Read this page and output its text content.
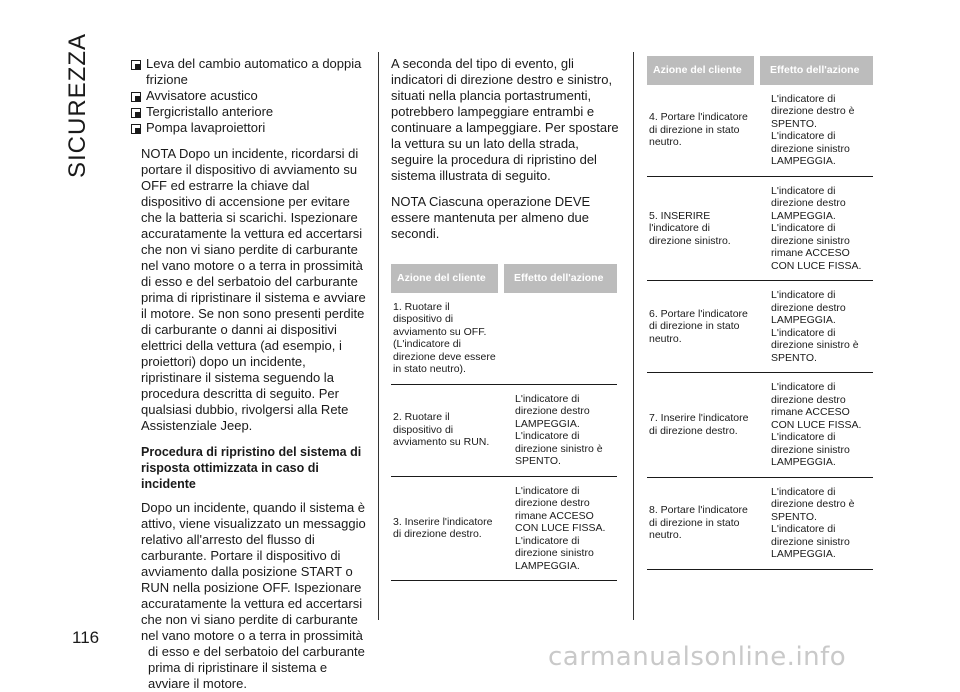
SICUREZZA
116
carmanualsonline.info
Leva del cambio automatico a doppia frizione
Avvisatore acustico
Tergicristallo anteriore
Pompa lavaproiettori

NOTA Dopo un incidente, ricordarsi di portare il dispositivo di avviamento su OFF ed estrarre la chiave dal dispositivo di accensione per evitare che la batteria si scarichi. Ispezionare accuratamente la vettura ed accertarsi che non vi siano perdite di carburante nel vano motore o a terra in prossimità di esso e del serbatoio del carburante prima di ripristinare il sistema e avviare il motore. Se non sono presenti perdite di carburante o danni ai dispositivi elettrici della vettura (ad esempio, i proiettori) dopo un incidente, ripristinare il sistema seguendo la procedura descritta di seguito. Per qualsiasi dubbio, rivolgersi alla Rete Assistenziale Jeep.

Procedura di ripristino del sistema di risposta ottimizzata in caso di incidente

Dopo un incidente, quando il sistema è attivo, viene visualizzato un messaggio relativo all'arresto del flusso di carburante. Portare il dispositivo di avviamento dalla posizione START o RUN nella posizione OFF. Ispezionare accuratamente la vettura ed accertarsi che non vi siano perdite di carburante nel vano motore o a terra in prossimità

di esso e del serbatoio del carburante prima di ripristinare il sistema e avviare il motore.

A seconda del tipo di evento, gli indicatori di direzione destro e sinistro, situati nella plancia portastrumenti, potrebbero lampeggiare entrambi e continuare a lampeggiare. Per spostare la vettura su un lato della strada, seguire la procedura di ripristino del sistema illustrata di seguito.

NOTA Ciascuna operazione DEVE essere mantenuta per almeno due secondi.

Azione del cliente	Effetto dell'azione
1. Ruotare il dispositivo di avviamento su OFF. (L'indicatore di direzione deve essere in stato neutro).	
2. Ruotare il dispositivo di avviamento su RUN.	L'indicatore di direzione destro LAMPEGGIA. L'indicatore di direzione sinistro è SPENTO.
3. Inserire l'indicatore di direzione destro.	L'indicatore di direzione destro rimane ACCESO CON LUCE FISSA. L'indicatore di direzione sinistro LAMPEGGIA.
Azione del cliente	Effetto dell'azione
4. Portare l'indicatore di direzione in stato neutro.	L'indicatore di direzione destro è SPENTO. L'indicatore di direzione sinistro LAMPEGGIA.
5. INSERIRE l'indicatore di direzione sinistro.	L'indicatore di direzione destro LAMPEGGIA. L'indicatore di direzione sinistro rimane ACCESO CON LUCE FISSA.
6. Portare l'indicatore di direzione in stato neutro.	L'indicatore di direzione destro LAMPEGGIA. L'indicatore di direzione sinistro è SPENTO.
7. Inserire l'indicatore di direzione destro.	L'indicatore di direzione destro rimane ACCESO CON LUCE FISSA. L'indicatore di direzione sinistro LAMPEGGIA.
8. Portare l'indicatore di direzione in stato neutro.	L'indicatore di direzione destro è SPENTO. L'indicatore di direzione sinistro LAMPEGGIA.
